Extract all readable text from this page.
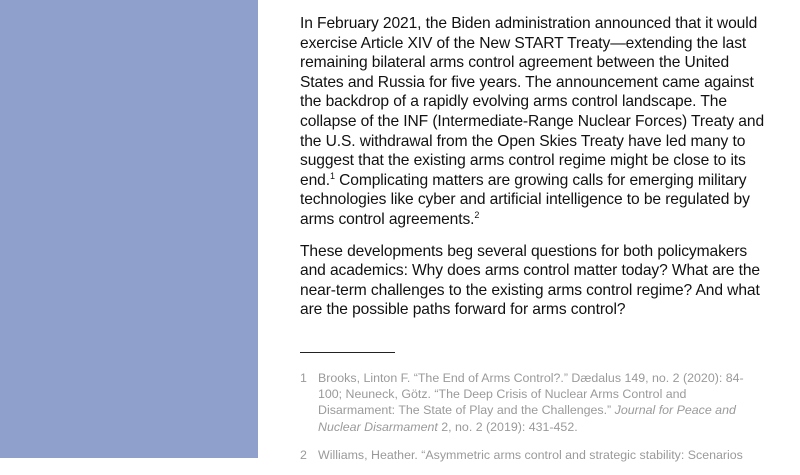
In February 2021, the Biden administration announced that it would exercise Article XIV of the New START Treaty—extending the last remaining bilateral arms control agreement between the United States and Russia for five years. The announcement came against the backdrop of a rapidly evolving arms control landscape. The collapse of the INF (Intermediate-Range Nuclear Forces) Treaty and the U.S. withdrawal from the Open Skies Treaty have led many to suggest that the existing arms control regime might be close to its end.$^1$ Complicating matters are growing calls for emerging military technologies like cyber and artificial intelligence to be regulated by arms control agreements.$^2$

These developments beg several questions for both policymakers and academics: Why does arms control matter today? What are the near-term challenges to the existing arms control regime? And what are the possible paths forward for arms control?

1 Brooks, Linton F. “The End of Arms Control?.” Dædalus 149, no. 2 (2020): 84-100; Neuneck, Götz. “The Deep Crisis of Nuclear Arms Control and Disarmament: The State of Play and the Challenges.” Journal for Peace and Nuclear Disarmament 2, no. 2 (2019): 431-452.
2 Williams, Heather. “Asymmetric arms control and strategic stability: Scenarios
